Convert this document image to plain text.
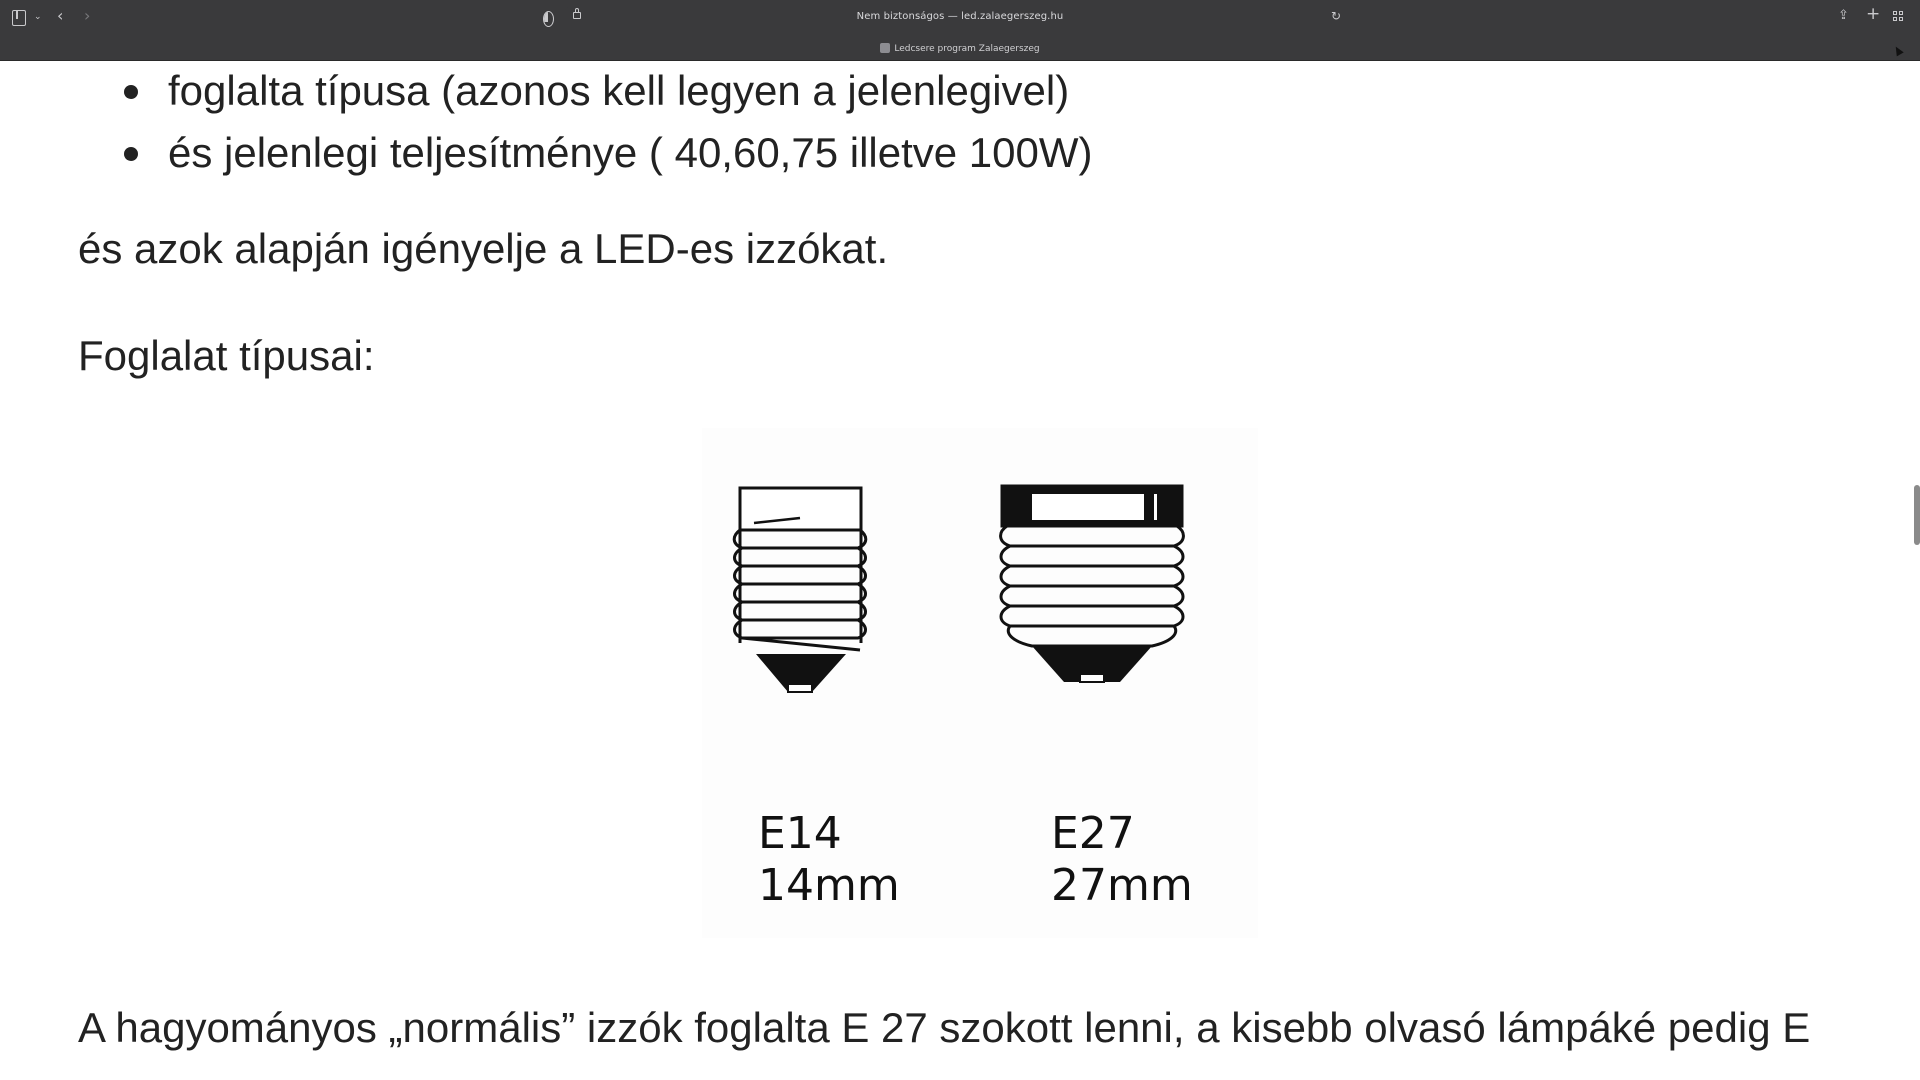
⌄ ‹ ›	Nem biztonságos — led.zalaegerszeg.hu	↻	⇪ +
Ledcsere program Zalaegerszeg
foglalta típusa (azonos kell legyen a jelenlegivel)
és jelenlegi teljesítménye ( 40,60,75 illetve 100W)

és azok alapján igényelje a LED-es izzókat.

Foglalat típusai:

E14
14mm
E27
27mm

A hagyományos „normális” izzók foglalta E 27 szokott lenni, a kisebb olvasó lámpáké pedig E
